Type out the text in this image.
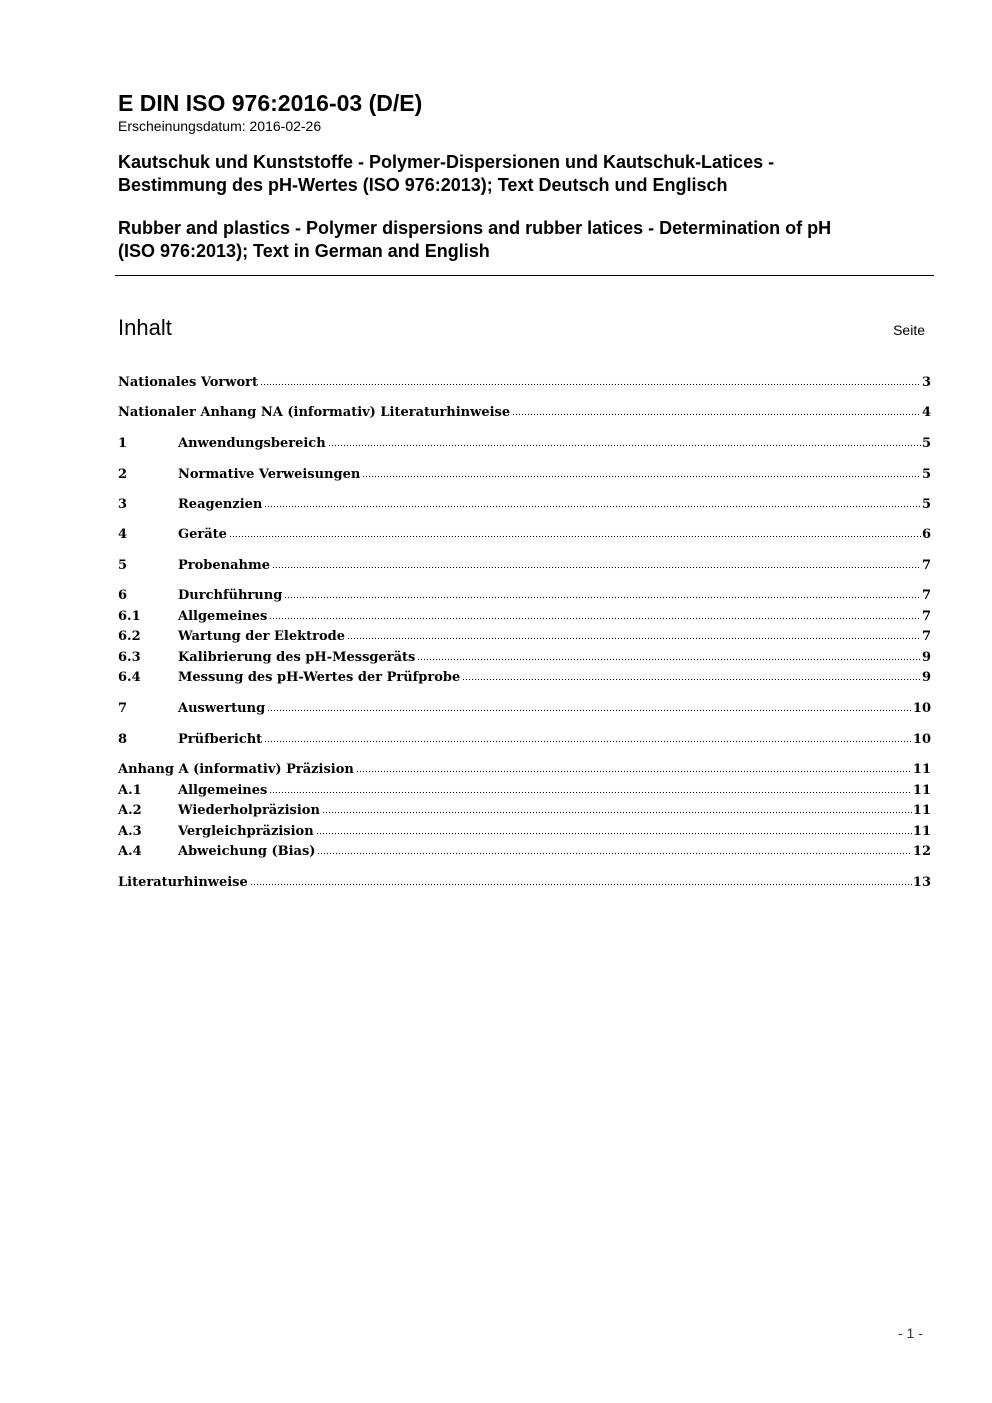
E DIN ISO 976:2016-03 (D/E)

Erscheinungsdatum: 2016-02-26

Kautschuk und Kunststoffe - Polymer-Dispersionen und Kautschuk-Latices -
Bestimmung des pH-Wertes (ISO 976:2013); Text Deutsch und Englisch

Rubber and plastics - Polymer dispersions and rubber latices - Determination of pH
(ISO 976:2013); Text in German and English

Inhalt	Seite
Nationales Vorwort	3
Nationaler Anhang NA (informativ) Literaturhinweise	4
1	Anwendungsbereich	5
2	Normative Verweisungen	5
3	Reagenzien	5
4	Geräte	6
5	Probenahme	7
6	Durchführung	7
6.1	Allgemeines	7
6.2	Wartung der Elektrode	7
6.3	Kalibrierung des pH-Messgeräts	9
6.4	Messung des pH-Wertes der Prüfprobe	9
7	Auswertung	10
8	Prüfbericht	10
Anhang A (informativ) Präzision	11
A.1	Allgemeines	11
A.2	Wiederholpräzision	11
A.3	Vergleichpräzision	11
A.4	Abweichung (Bias)	12
Literaturhinweise	13
- 1 -
